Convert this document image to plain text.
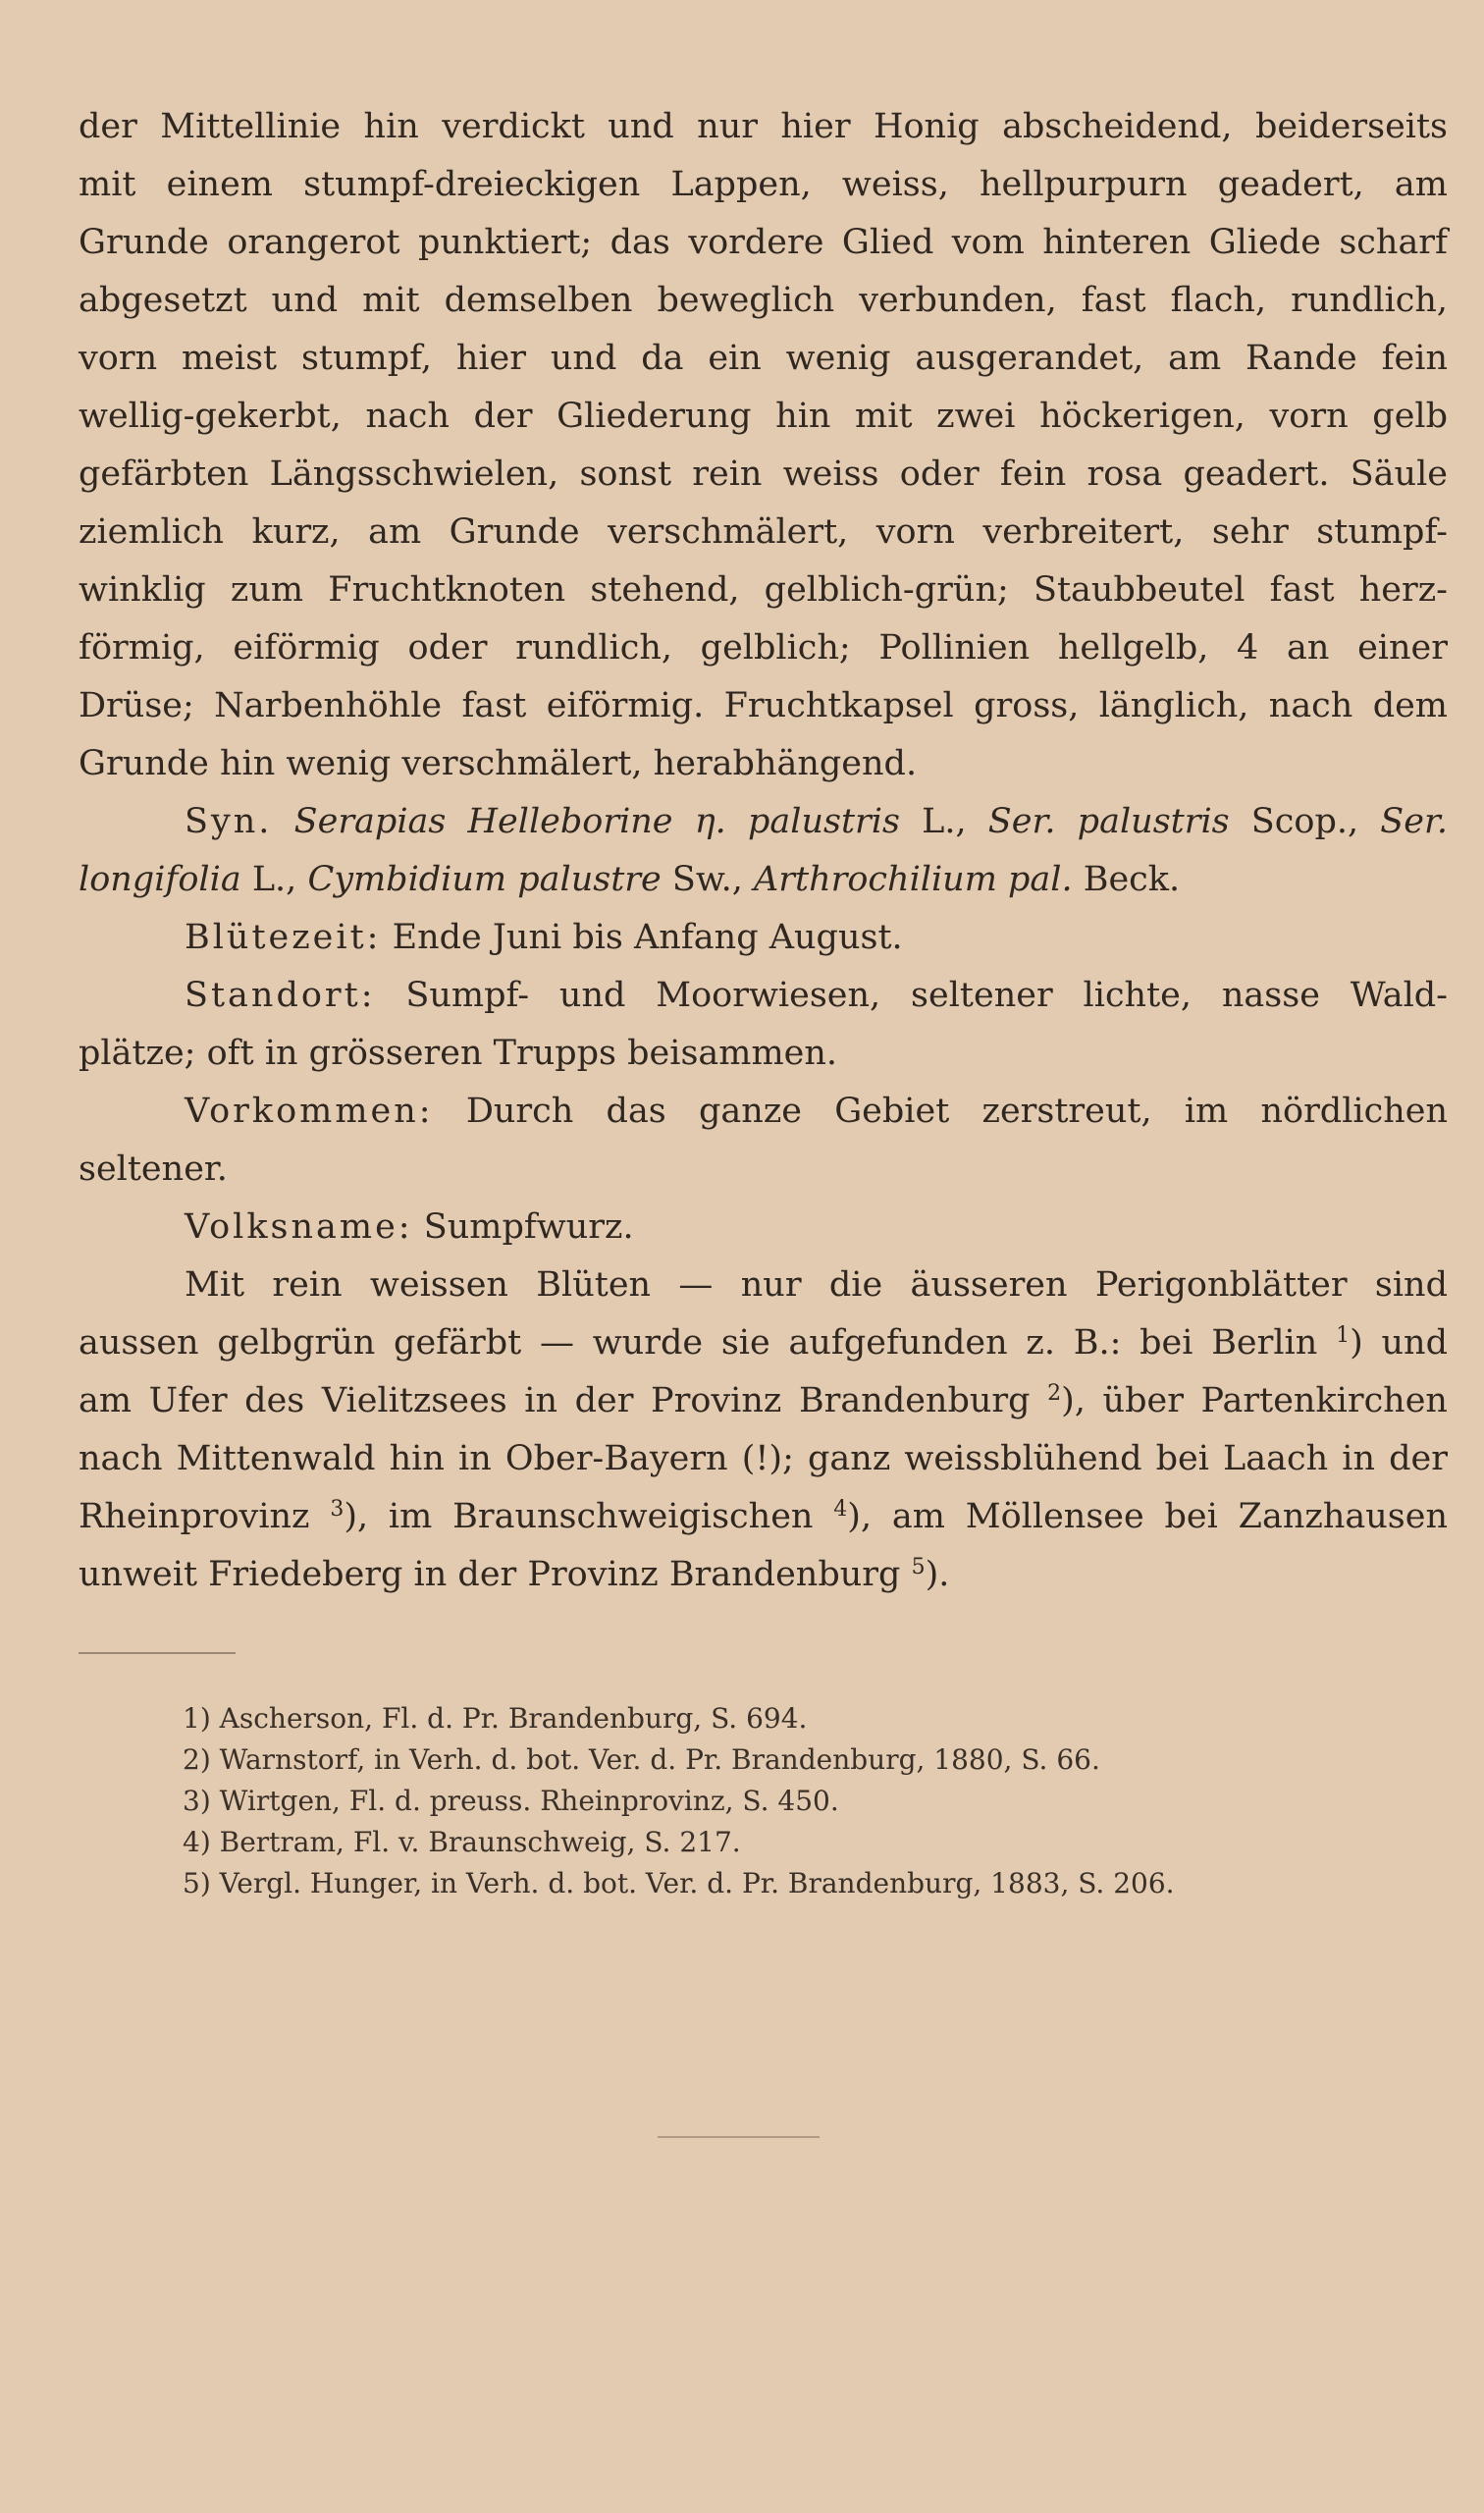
der Mittellinie hin verdickt und nur hier Honig abscheidend, beiderseits
mit einem stumpf-dreieckigen Lappen, weiss, hellpurpurn geadert, am
Grunde orangerot punktiert; das vordere Glied vom hinteren Gliede scharf
abgesetzt und mit demselben beweglich verbunden, fast flach, rundlich,
vorn meist stumpf, hier und da ein wenig ausgerandet, am Rande fein
wellig-gekerbt, nach der Gliederung hin mit zwei höckerigen, vorn gelb
gefärbten Längsschwielen, sonst rein weiss oder fein rosa geadert. Säule
ziemlich kurz, am Grunde verschmälert, vorn verbreitert, sehr stumpf-
winklig zum Fruchtknoten stehend, gelblich-grün; Staubbeutel fast herz-
förmig, eiförmig oder rundlich, gelblich; Pollinien hellgelb, 4 an einer
Drüse; Narbenhöhle fast eiförmig. Fruchtkapsel gross, länglich, nach dem
Grunde hin wenig verschmälert, herabhängend.

Syn. Serapias Helleborine η. palustris L., Ser. palustris Scop., Ser.
longifolia L., Cymbidium palustre Sw., Arthrochilium pal. Beck.

Blütezeit: Ende Juni bis Anfang August.

Standort: Sumpf- und Moorwiesen, seltener lichte, nasse Wald-
plätze; oft in grösseren Trupps beisammen.

Vorkommen: Durch das ganze Gebiet zerstreut, im nördlichen
seltener.

Volksname: Sumpfwurz.

Mit rein weissen Blüten — nur die äusseren Perigonblätter sind
aussen gelbgrün gefärbt — wurde sie aufgefunden z. B.: bei Berlin $^1$) und
am Ufer des Vielitzsees in der Provinz Brandenburg $^2$), über Partenkirchen
nach Mittenwald hin in Ober-Bayern (!); ganz weissblühend bei Laach in der
Rheinprovinz $^3$), im Braunschweigischen $^4$), am Möllensee bei Zanzhausen
unweit Friedeberg in der Provinz Brandenburg $^5$).

1) Ascherson, Fl. d. Pr. Brandenburg, S. 694.
2) Warnstorf, in Verh. d. bot. Ver. d. Pr. Brandenburg, 1880, S. 66.
3) Wirtgen, Fl. d. preuss. Rheinprovinz, S. 450.
4) Bertram, Fl. v. Braunschweig, S. 217.
5) Vergl. Hunger, in Verh. d. bot. Ver. d. Pr. Brandenburg, 1883, S. 206.
